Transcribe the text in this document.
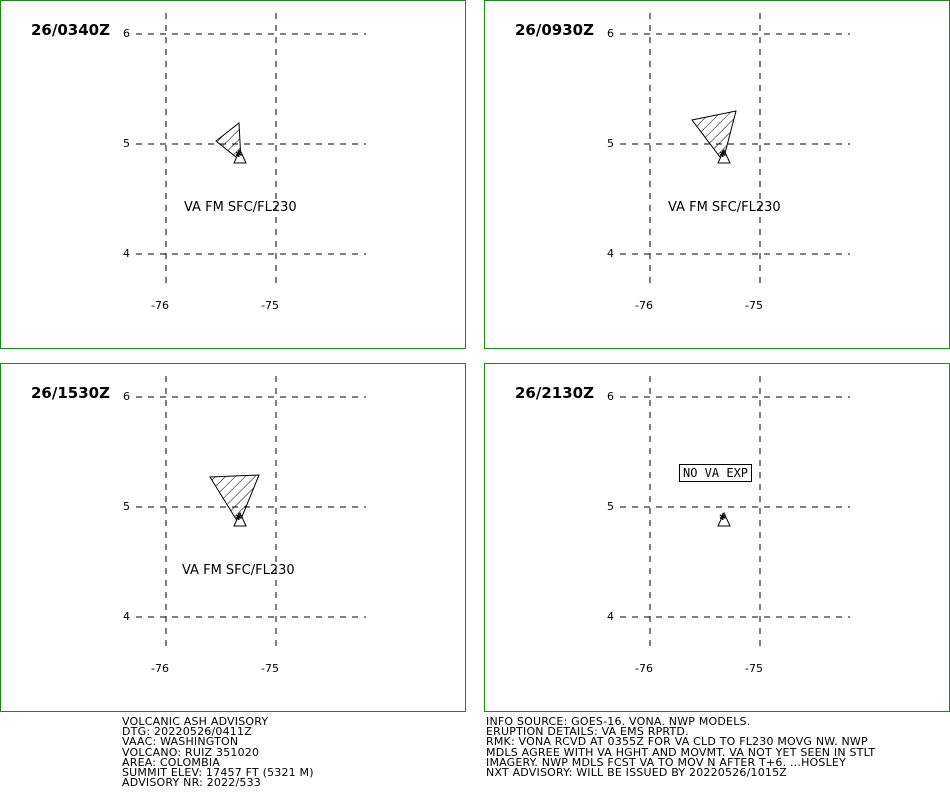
✱
26/0340Z 6
5
4
-76	-75
VA FM SFC/FL230
✱
26/0930Z 6
5
4
-76	-75
VA FM SFC/FL230
✱
26/1530Z 6
5
4
-76	-75
VA FM SFC/FL230
✱
26/2130Z 6
5
4
-76	-75
NO VA EXP
VOLCANIC ASH ADVISORY
DTG: 20220526/0411Z
VAAC: WASHINGTON
VOLCANO: RUIZ 351020
AREA: COLOMBIA
SUMMIT ELEV: 17457 FT (5321 M)
ADVISORY NR: 2022/533
INFO SOURCE: GOES-16. VONA. NWP MODELS.
ERUPTION DETAILS: VA EMS RPRTD.
RMK: VONA RCVD AT 0355Z FOR VA CLD TO FL230 MOVG NW. NWP
MDLS AGREE WITH VA HGHT AND MOVMT. VA NOT YET SEEN IN STLT
IMAGERY. NWP MDLS FCST VA TO MOV N AFTER T+6. ...HOSLEY
NXT ADVISORY: WILL BE ISSUED BY 20220526/1015Z
